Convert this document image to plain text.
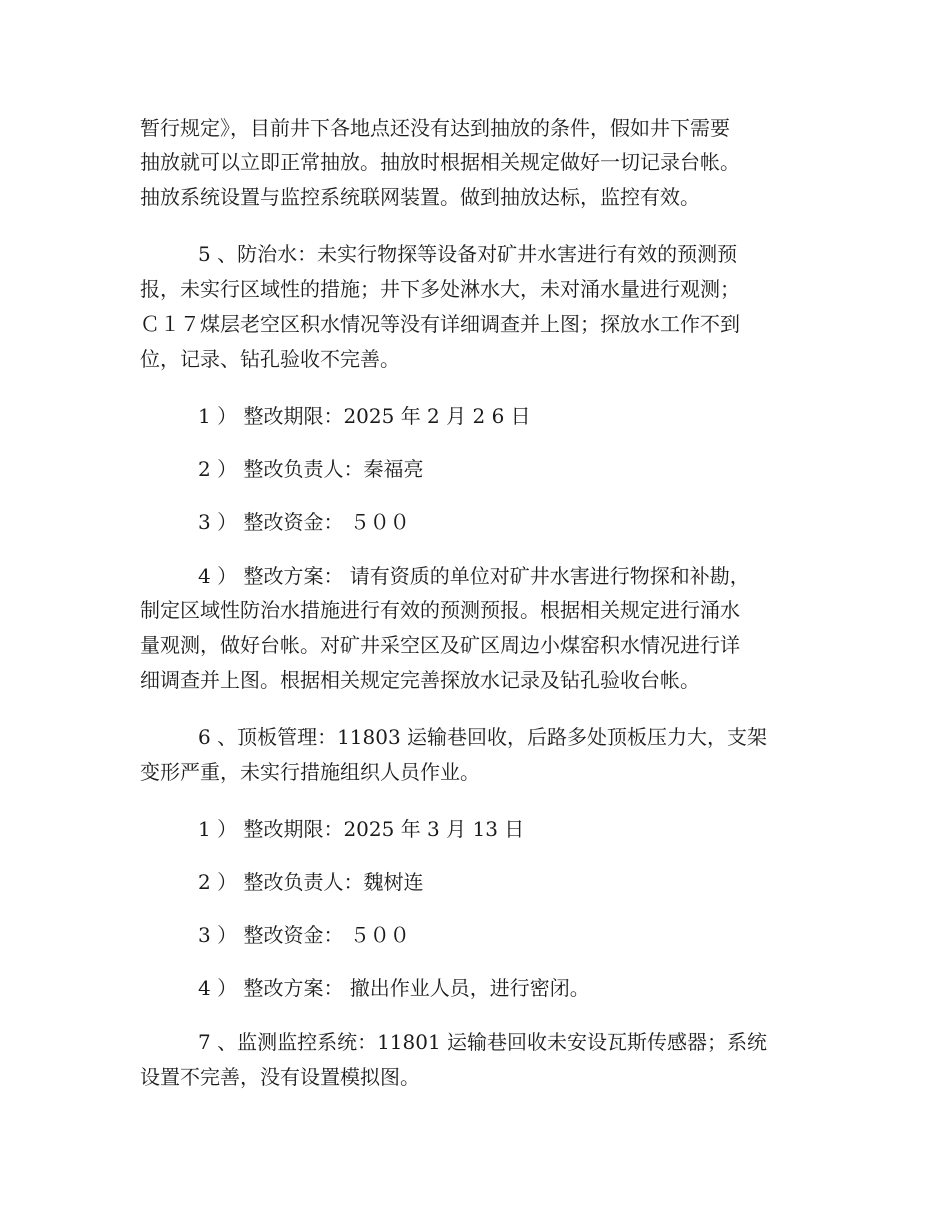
暂行规定》，目前井下各地点还没有达到抽放的条件，假如井下需要
抽放就可以立即正常抽放。抽放时根据相关规定做好一切记录台帐。
抽放系统设置与监控系统联网装置。做到抽放达标，监控有效。
5 、防治水：未实行物探等设备对矿井水害进行有效的预测预
报，未实行区域性的措施；井下多处淋水大，未对涌水量进行观测；
Ｃ１７煤层老空区积水情况等没有详细调查并上图；探放水工作不到
位，记录、钻孔验收不完善。
1 ） 整改期限：2025 年 2 月 2 6 日
2 ） 整改负责人：秦福亮
3 ） 整改资金： ５００
4 ） 整改方案： 请有资质的单位对矿井水害进行物探和补勘，
制定区域性防治水措施进行有效的预测预报。根据相关规定进行涌水
量观测，做好台帐。对矿井采空区及矿区周边小煤窑积水情况进行详
细调查并上图。根据相关规定完善探放水记录及钻孔验收台帐。
6 、顶板管理：11803 运输巷回收，后路多处顶板压力大，支架
变形严重，未实行措施组织人员作业。
1 ） 整改期限：2025 年 3 月 13 日
2 ） 整改负责人：魏树连
3 ） 整改资金： ５００
4 ） 整改方案： 撤出作业人员，进行密闭。
7 、监测监控系统：11801 运输巷回收未安设瓦斯传感器；系统
设置不完善，没有设置模拟图。
